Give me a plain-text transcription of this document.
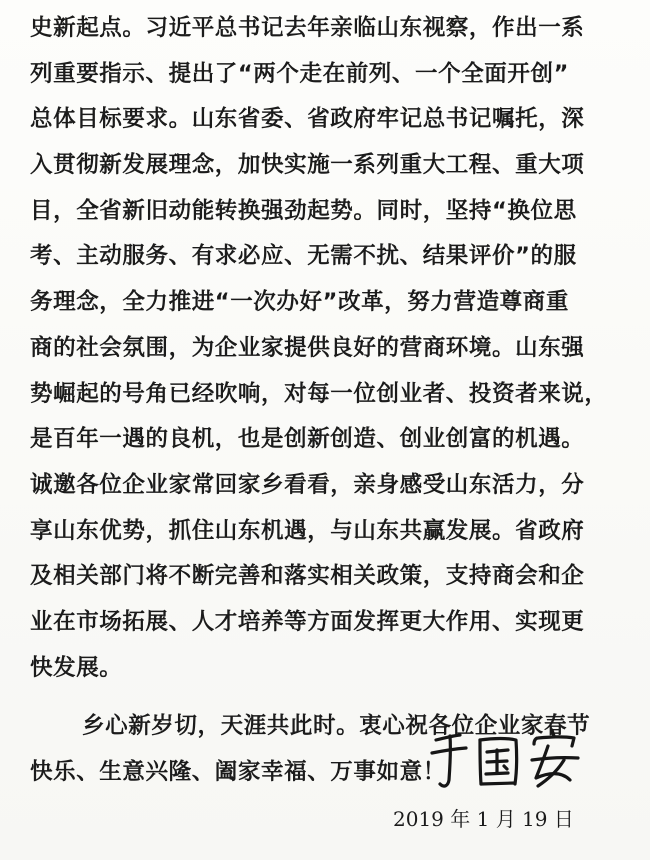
史新起点。习近平总书记去年亲临山东视察，作出一系
列重要指示、提出了“两个走在前列、一个全面开创”
总体目标要求。山东省委、省政府牢记总书记嘱托，深
入贯彻新发展理念，加快实施一系列重大工程、重大项
目，全省新旧动能转换强劲起势。同时，坚持“换位思
考、主动服务、有求必应、无需不扰、结果评价”的服
务理念，全力推进“一次办好”改革，努力营造尊商重
商的社会氛围，为企业家提供良好的营商环境。山东强
势崛起的号角已经吹响，对每一位创业者、投资者来说，
是百年一遇的良机，也是创新创造、创业创富的机遇。
诚邀各位企业家常回家乡看看，亲身感受山东活力，分
享山东优势，抓住山东机遇，与山东共赢发展。省政府
及相关部门将不断完善和落实相关政策，支持商会和企
业在市场拓展、人才培养等方面发挥更大作用、实现更
快发展。
乡心新岁切，天涯共此时。衷心祝各位企业家春节
快乐、生意兴隆、阖家幸福、万事如意！
2019 年 1 月 19 日
